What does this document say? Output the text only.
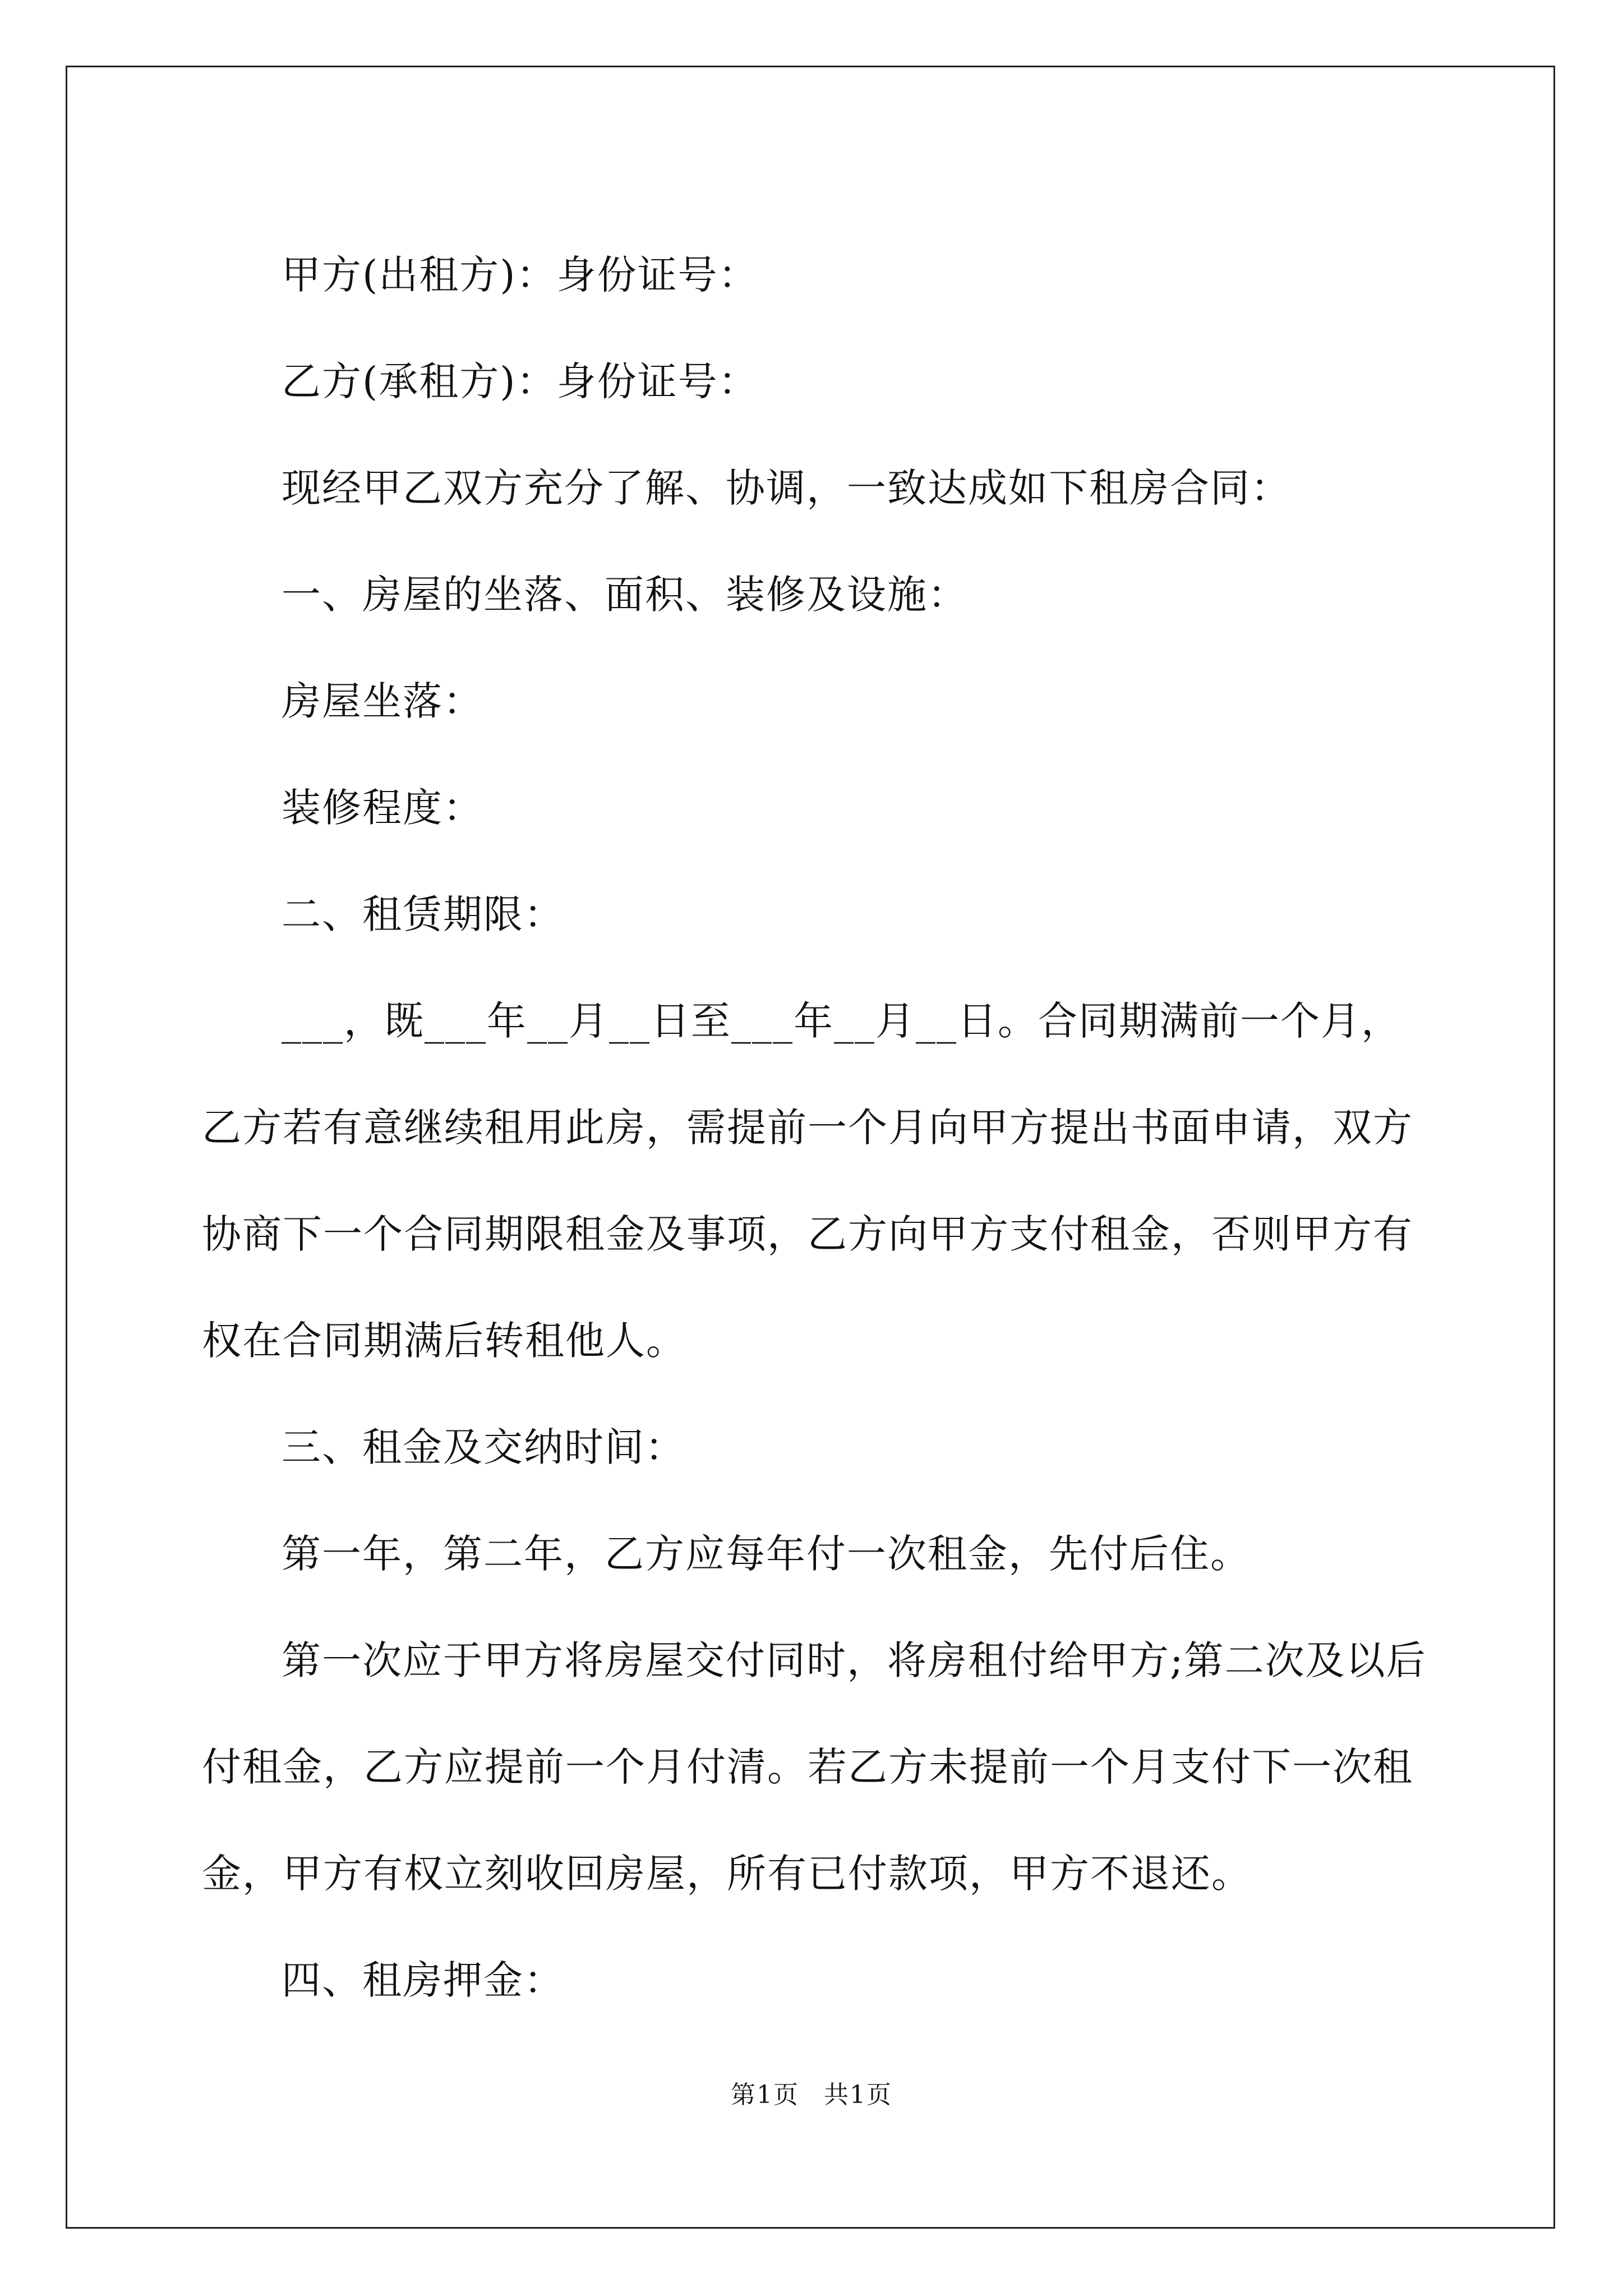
甲方(出租方)：身份证号：

乙方(承租方)：身份证号：

现经甲乙双方充分了解、协调，一致达成如下租房合同：

一、房屋的坐落、面积、装修及设施：

房屋坐落：

装修程度：

二、租赁期限：

___，既___年__月__日至___年__月__日。合同期满前一个月，乙方若有意继续租用此房，需提前一个月向甲方提出书面申请，双方协商下一个合同期限租金及事项，乙方向甲方支付租金，否则甲方有权在合同期满后转租他人。

三、租金及交纳时间：

第一年，第二年，乙方应每年付一次租金，先付后住。

第一次应于甲方将房屋交付同时，将房租付给甲方;第二次及以后付租金，乙方应提前一个月付清。若乙方未提前一个月支付下一次租金，甲方有权立刻收回房屋，所有已付款项，甲方不退还。

四、租房押金：

第1页 共1页
